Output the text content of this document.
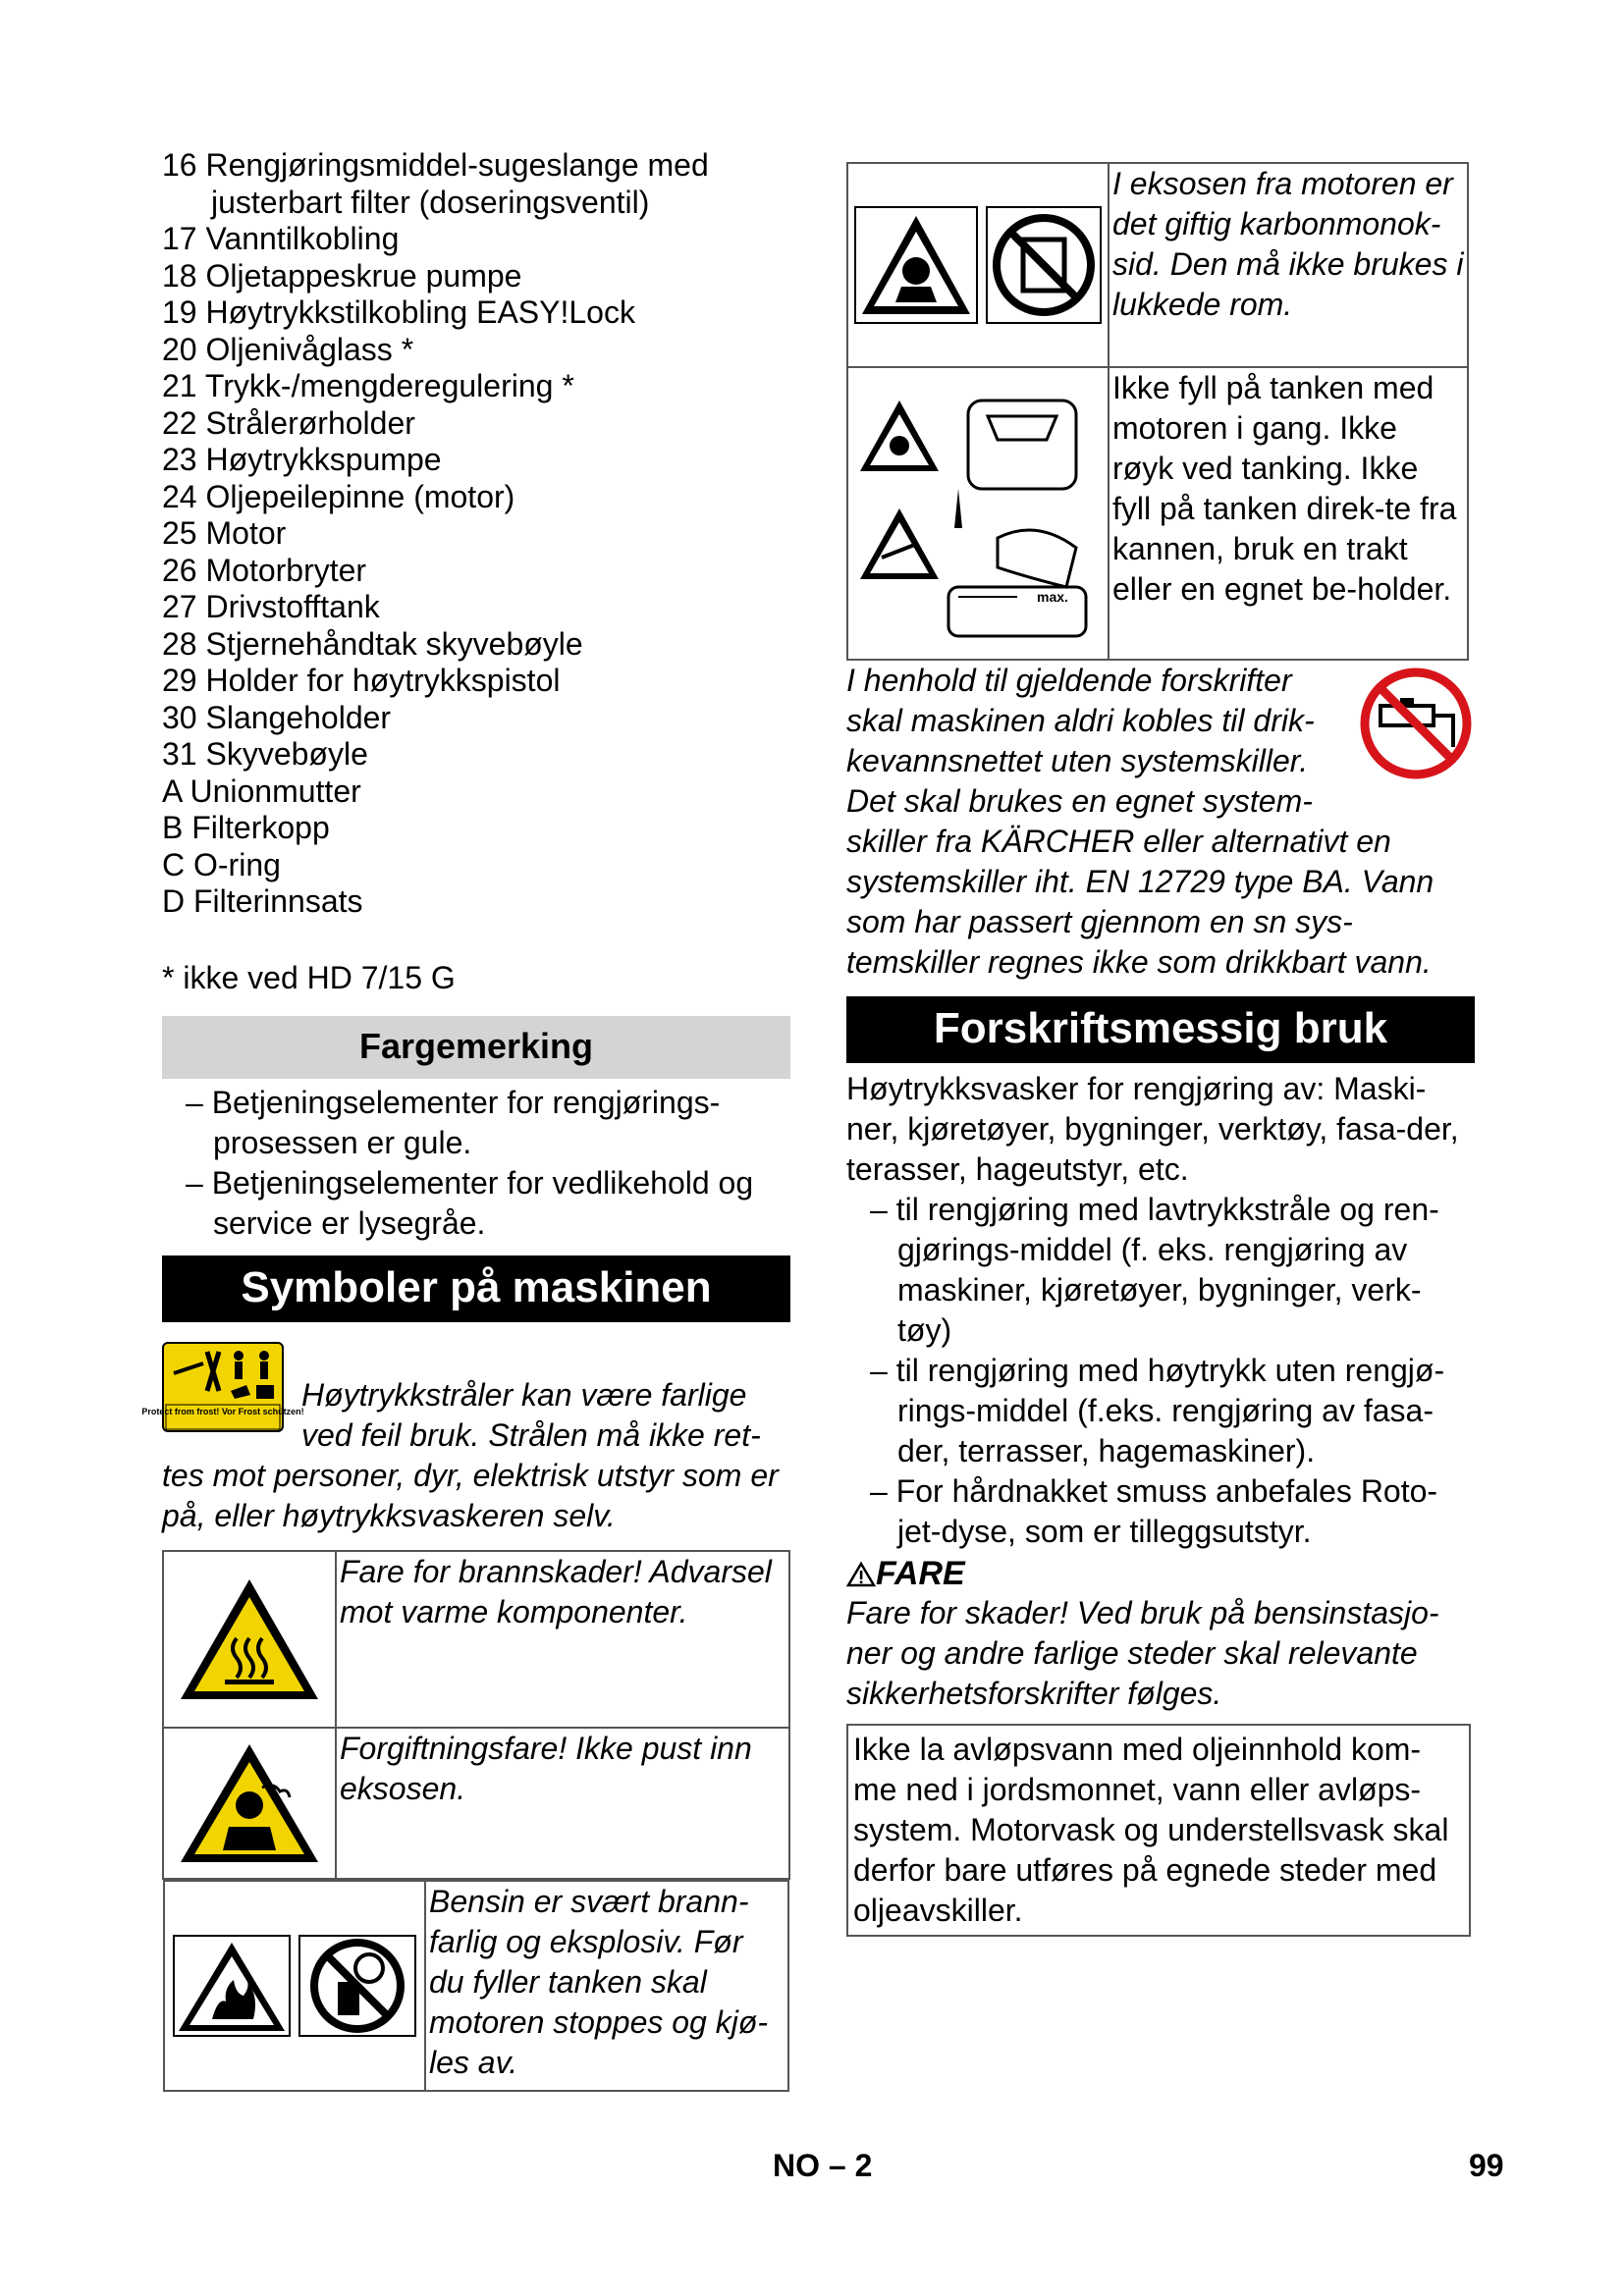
16 Rengjøringsmiddel-sugeslange med justerbart filter (doseringsventil)
17 Vanntilkobling
18 Oljetappeskrue pumpe
19 Høytrykkstilkobling EASY!Lock
20 Oljenivåglass *
21 Trykk-/mengderegulering *
22 Strålerørholder
23 Høytrykkspumpe
24 Oljepeilepinne (motor)
25 Motor
26 Motorbryter
27 Drivstofftank
28 Stjernehåndtak skyvebøyle
29 Holder for høytrykkspistol
30 Slangeholder
31 Skyvebøyle
A Unionmutter
B Filterkopp
C O-ring
D Filterinnsats

* ikke ved HD 7/15 G

Fargemerking
– Betjeningselementer for rengjørings-prosessen er gule.
– Betjeningselementer for vedlikehold og service er lysegråe.
Symboler på maskinen
Protect from frost! Vor Frost schützen!

Høytrykkstråler kan være farlige ved feil bruk. Strålen må ikke ret-tes mot personer, dyr, elektrisk utstyr som er på, eller høytrykksvaskeren selv.

	Fare for brannskader! Advarsel mot varme komponenter.
	Forgiftningsfare! Ikke pust inn eksosen.

	Bensin er svært brann-farlig og eksplosiv. Før du fyller tanken skal motoren stoppes og kjø-les av.
	I eksosen fra motoren er det giftig karbonmonok-sid. Den må ikke brukes i lukkede rom.

max.	Ikke fyll på tanken med motoren i gang. Ikke røyk ved tanking. Ikke fyll på tanken direk-te fra kannen, bruk en trakt eller en egnet be-holder.

I henhold til gjeldende forskrifter skal maskinen aldri kobles til drik-kevannsnettet uten systemskiller. Det skal brukes en egnet system-skiller fra KÄRCHER eller alternativt en systemskiller iht. EN 12729 type BA. Vann som har passert gjennom en sn sys-temskiller regnes ikke som drikkbart vann.

Forskriftsmessig bruk

Høytrykksvasker for rengjøring av: Maski-ner, kjøretøyer, bygninger, verktøy, fasa-der, terasser, hageutstyr, etc.

– til rengjøring med lavtrykkstråle og ren-gjørings-middel (f. eks. rengjøring av maskiner, kjøretøyer, bygninger, verk-tøy)
– til rengjøring med høytrykk uten rengjø-rings-middel (f.eks. rengjøring av fasa-der, terrasser, hagemaskiner).
– For hårdnakket smuss anbefales Roto-jet-dyse, som er tilleggsutstyr.
FARE

Fare for skader! Ved bruk på bensinstasjo-ner og andre farlige steder skal relevante sikkerhetsforskrifter følges.

Ikke la avløpsvann med oljeinnhold kom-me ned i jordsmonnet, vann eller avløps-system. Motorvask og understellsvask skal derfor bare utføres på egnede steder med oljeavskiller.
NO – 2	99
